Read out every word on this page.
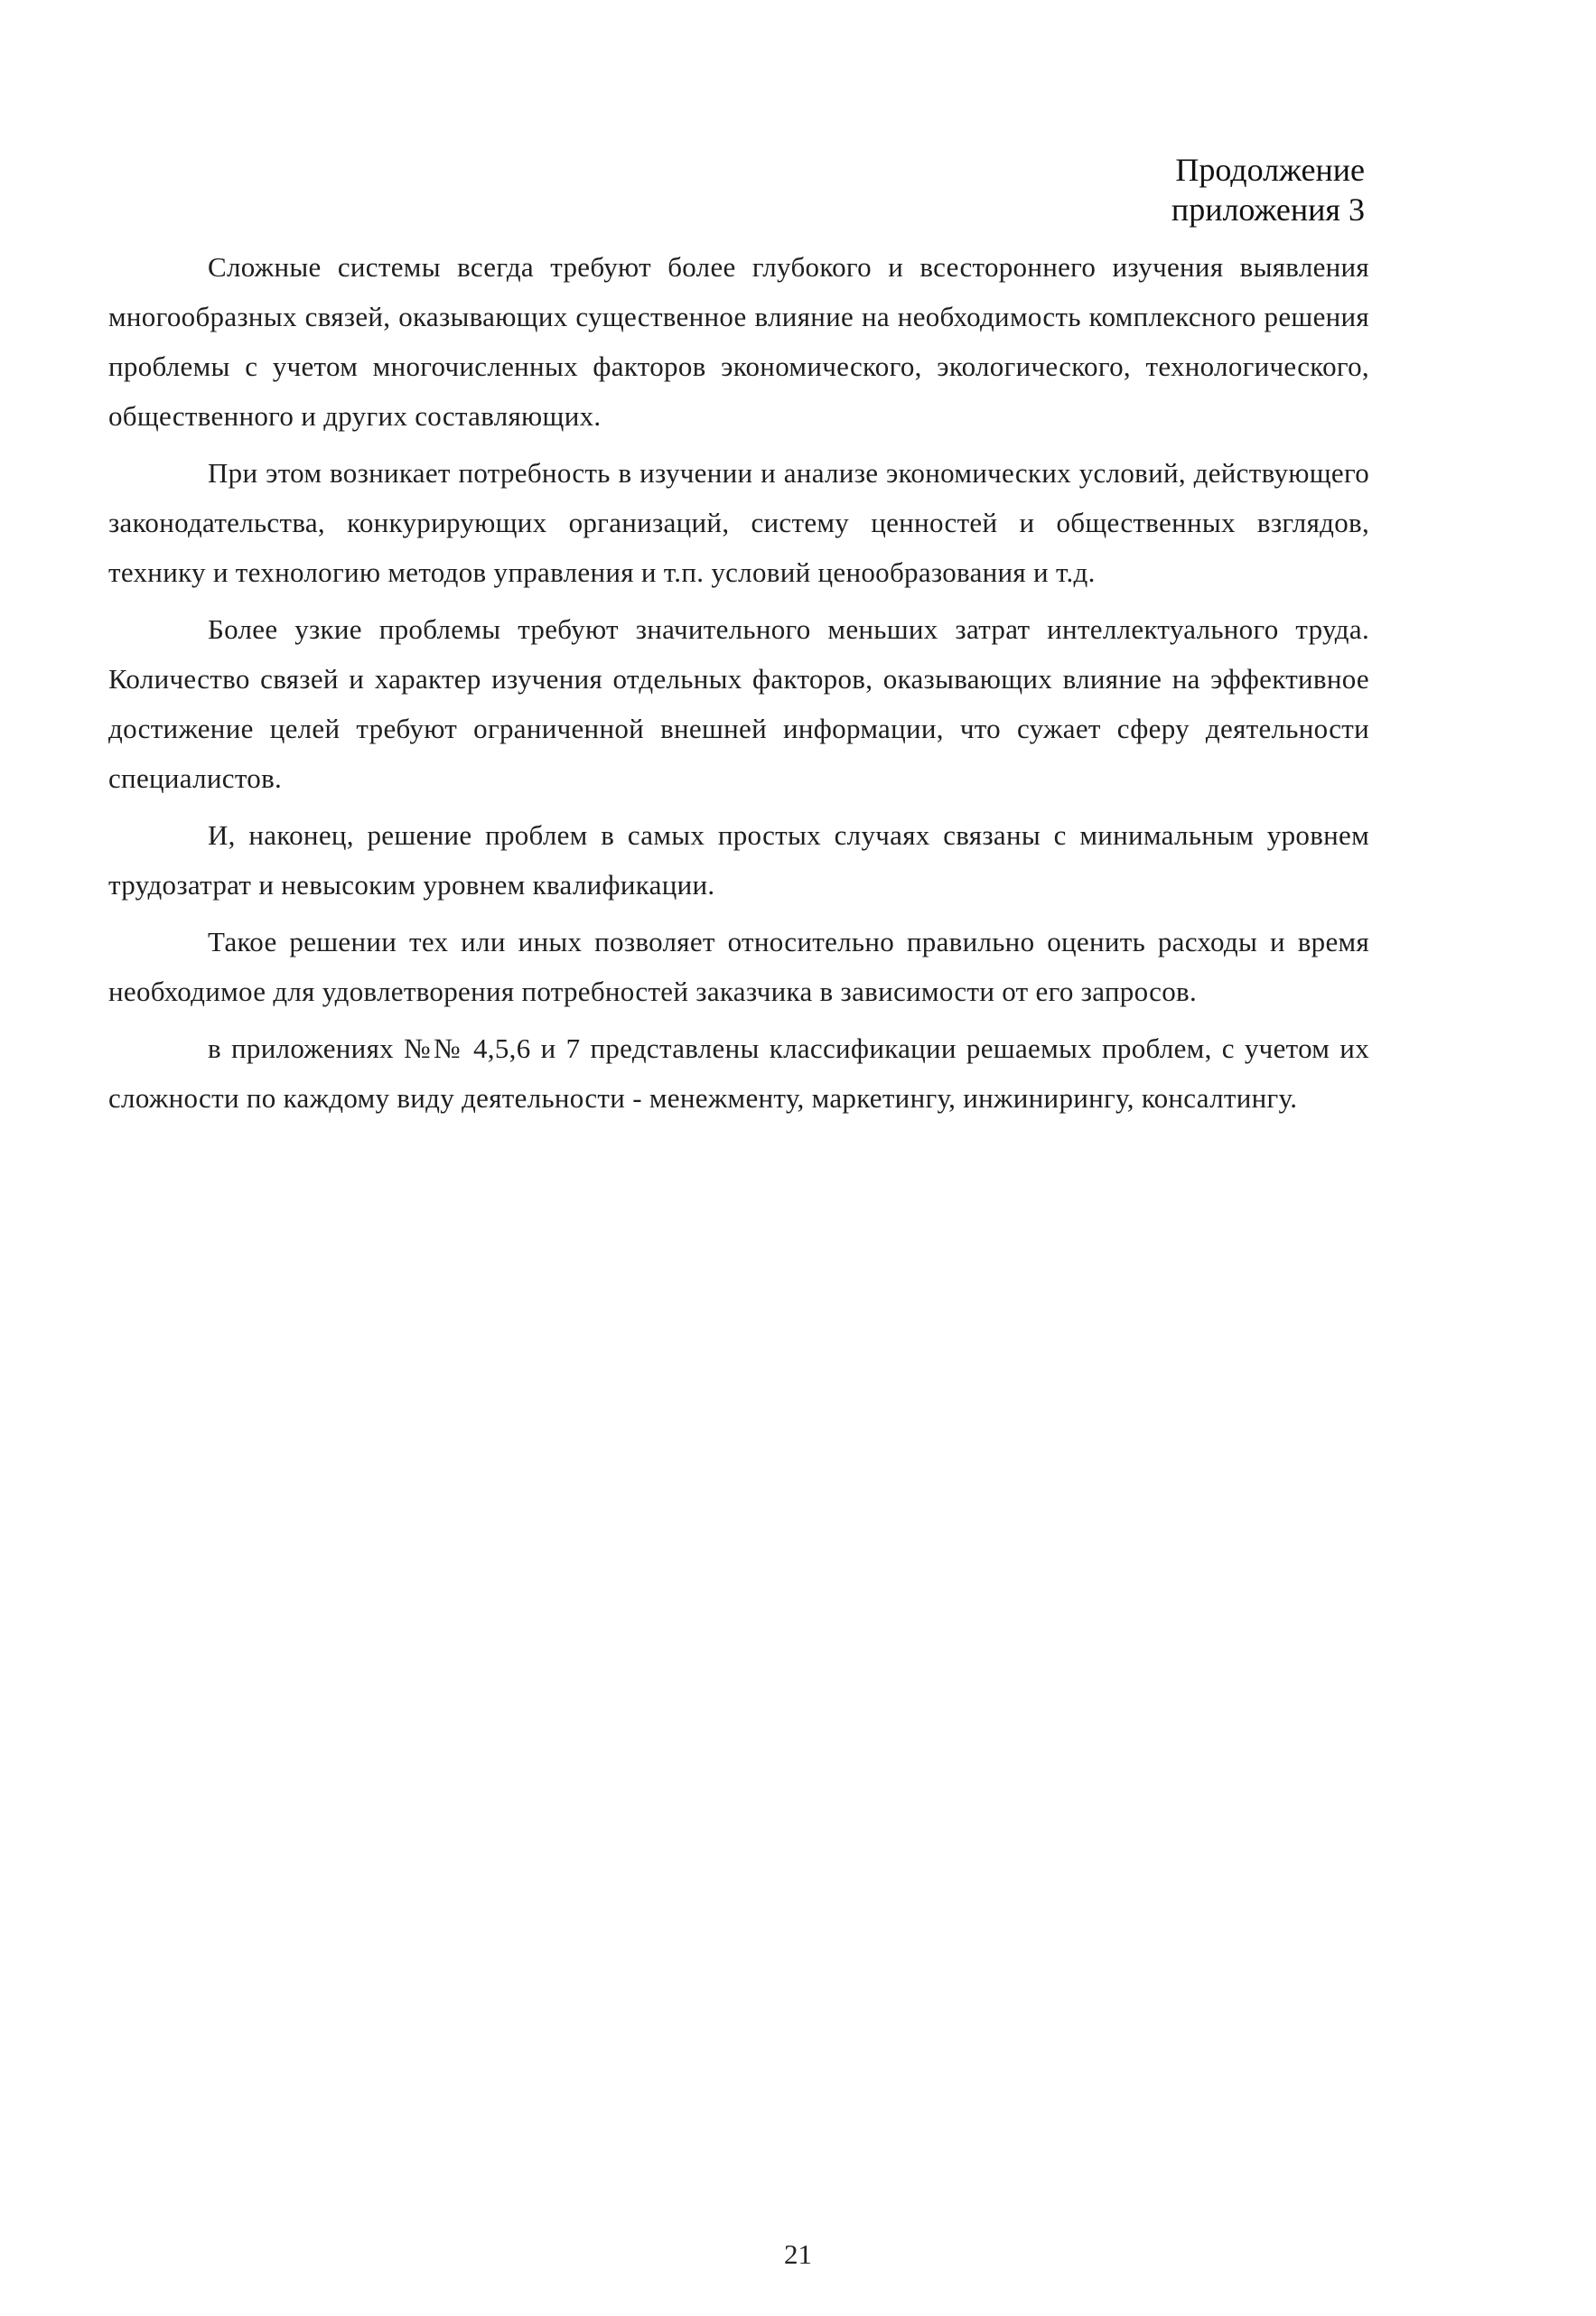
Продолжение
приложения 3

Сложные системы всегда требуют более глубокого и всестороннего изучения выявления многообразных связей, оказывающих существенное влияние на необходимость комплексного решения проблемы с учетом многочисленных факторов экономического, экологического, технологического, общественного и других составляющих.

При этом возникает потребность в изучении и анализе экономических условий, действующего законодательства, конкурирующих организаций, систему ценностей и общественных взглядов, технику и технологию методов управления и т.п. условий ценообразования и т.д.

Более узкие проблемы требуют значительного меньших затрат интеллектуального труда. Количество связей и характер изучения отдельных факторов, оказывающих влияние на эффективное достижение целей требуют ограниченной внешней информации, что сужает сферу деятельности специалистов.

И, наконец, решение проблем в самых простых случаях связаны с минимальным уровнем трудозатрат и невысоким уровнем квалификации.

Такое решении тех или иных позволяет относительно правильно оценить расходы и время необходимое для удовлетворения потребностей заказчика в зависимости от его запросов.

в приложениях №№ 4,5,6 и 7 представлены классификации решаемых проблем, с учетом их сложности по каждому виду деятельности - менежменту, маркетингу, инжинирингу, консалтингу.

21
